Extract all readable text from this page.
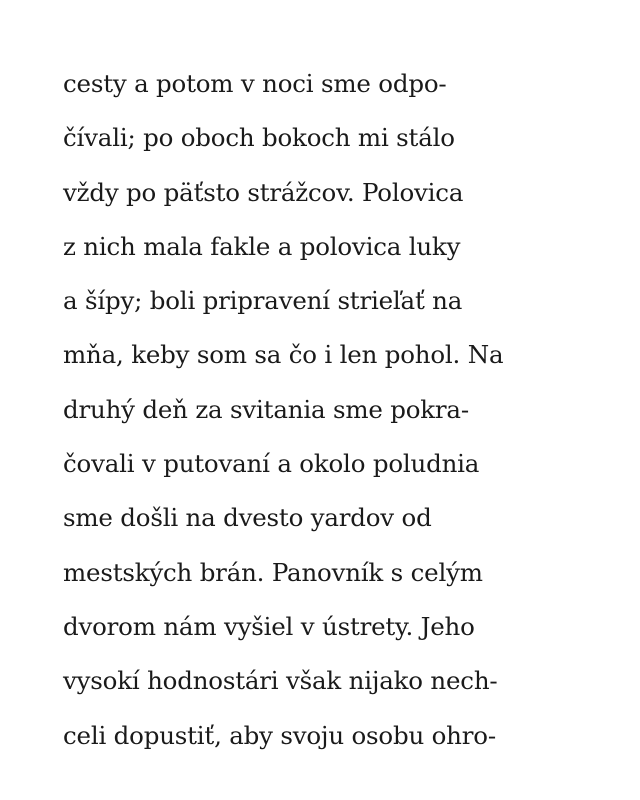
cesty a potom v noci sme odpo-
čívali; po oboch bokoch mi stálo
vždy po päťsto strážcov. Polovica
z nich mala fakle a polovica luky
a šípy; boli pripravení strieľať na
mňa, keby som sa čo i len pohol. Na
druhý deň za svitania sme pokra-
čovali v putovaní a okolo poludnia
sme došli na dvesto yardov od
mestských brán. Panovník s celým
dvorom nám vyšiel v ústrety. Jeho
vysokí hodnostári však nijako nech-
celi dopustiť, aby svoju osobu ohro-
